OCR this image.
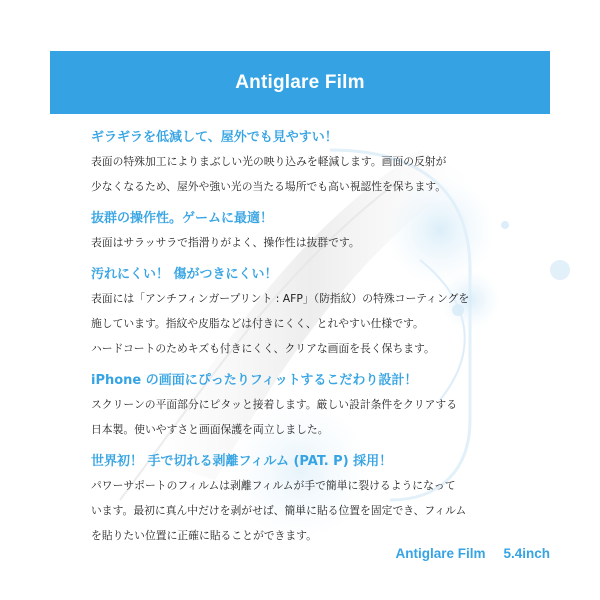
Antiglare Film
ギラギラを低減して、屋外でも見やすい！
表面の特殊加工によりまぶしい光の映り込みを軽減します。画面の反射が
少なくなるため、屋外や強い光の当たる場所でも高い視認性を保ちます。
抜群の操作性。ゲームに最適！
表面はサラッサラで指滑りがよく、操作性は抜群です。
汚れにくい！ 傷がつきにくい！
表面には「アンチフィンガープリント : AFP」（防指紋）の特殊コーティングを
施しています。指紋や皮脂などは付きにくく、とれやすい仕様です。
ハードコートのためキズも付きにくく、クリアな画面を長く保ちます。
iPhone の画面にぴったりフィットするこだわり設計！
スクリーンの平面部分にピタッと接着します。厳しい設計条件をクリアする
日本製。使いやすさと画面保護を両立しました。
世界初！ 手で切れる剥離フィルム (PAT. P) 採用！
パワーサポートのフィルムは剥離フィルムが手で簡単に裂けるようになって
います。最初に真ん中だけを剥がせば、簡単に貼る位置を固定でき、フィルム
を貼りたい位置に正確に貼ることができます。
Antiglare Film 5.4inch
